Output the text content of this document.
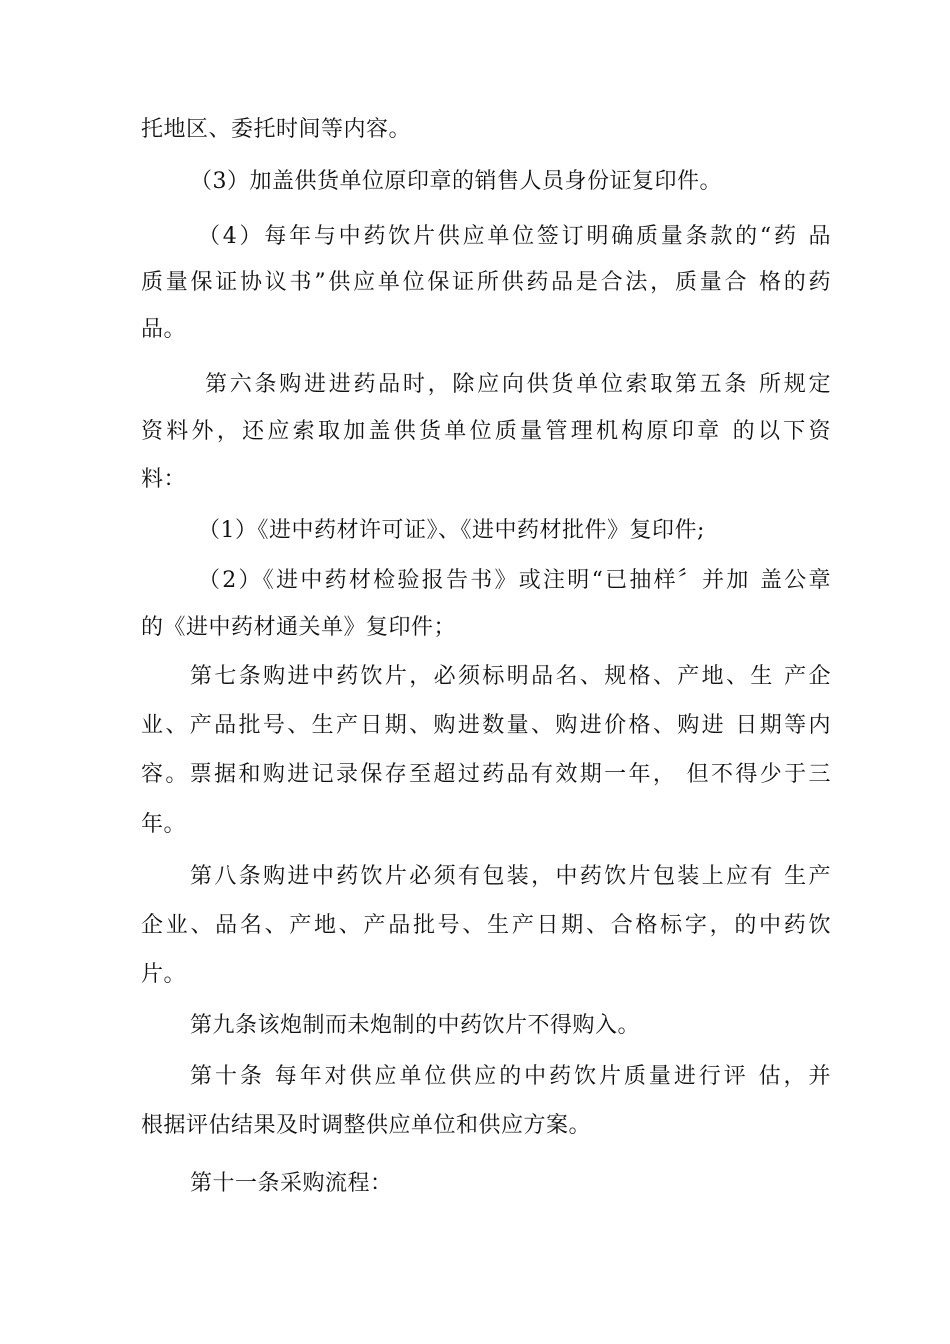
托地区、委托时间等内容。
（3）加盖供货单位原印章的销售人员身份证复印件。
（4）每年与中药饮片供应单位签订明确质量条款的“药 品
质量保证协议书”供应单位保证所供药品是合法，质量合 格的药
品。
第六条购进进药品时，除应向供货单位索取第五条 所规定
资料外，还应索取加盖供货单位质量管理机构原印章 的以下资
料：
（1）《进中药材许可证》、《进中药材批件》复印件;
（2）《进中药材检验报告书》或注明“已抽样〞并加 盖公章
的《进中药材通关单》复印件；
第七条购进中药饮片，必须标明品名、规格、产地、生 产企
业、产品批号、生产日期、购进数量、购进价格、购进 日期等内
容。票据和购进记录保存至超过药品有效期一年， 但不得少于三
年。
第八条购进中药饮片必须有包装，中药饮片包装上应有 生产
企业、品名、产地、产品批号、生产日期、合格标字，的中药饮
片。
第九条该炮制而未炮制的中药饮片不得购入。
第十条 每年对供应单位供应的中药饮片质量进行评 估，并
根据评估结果及时调整供应单位和供应方案。
第十一条采购流程：
